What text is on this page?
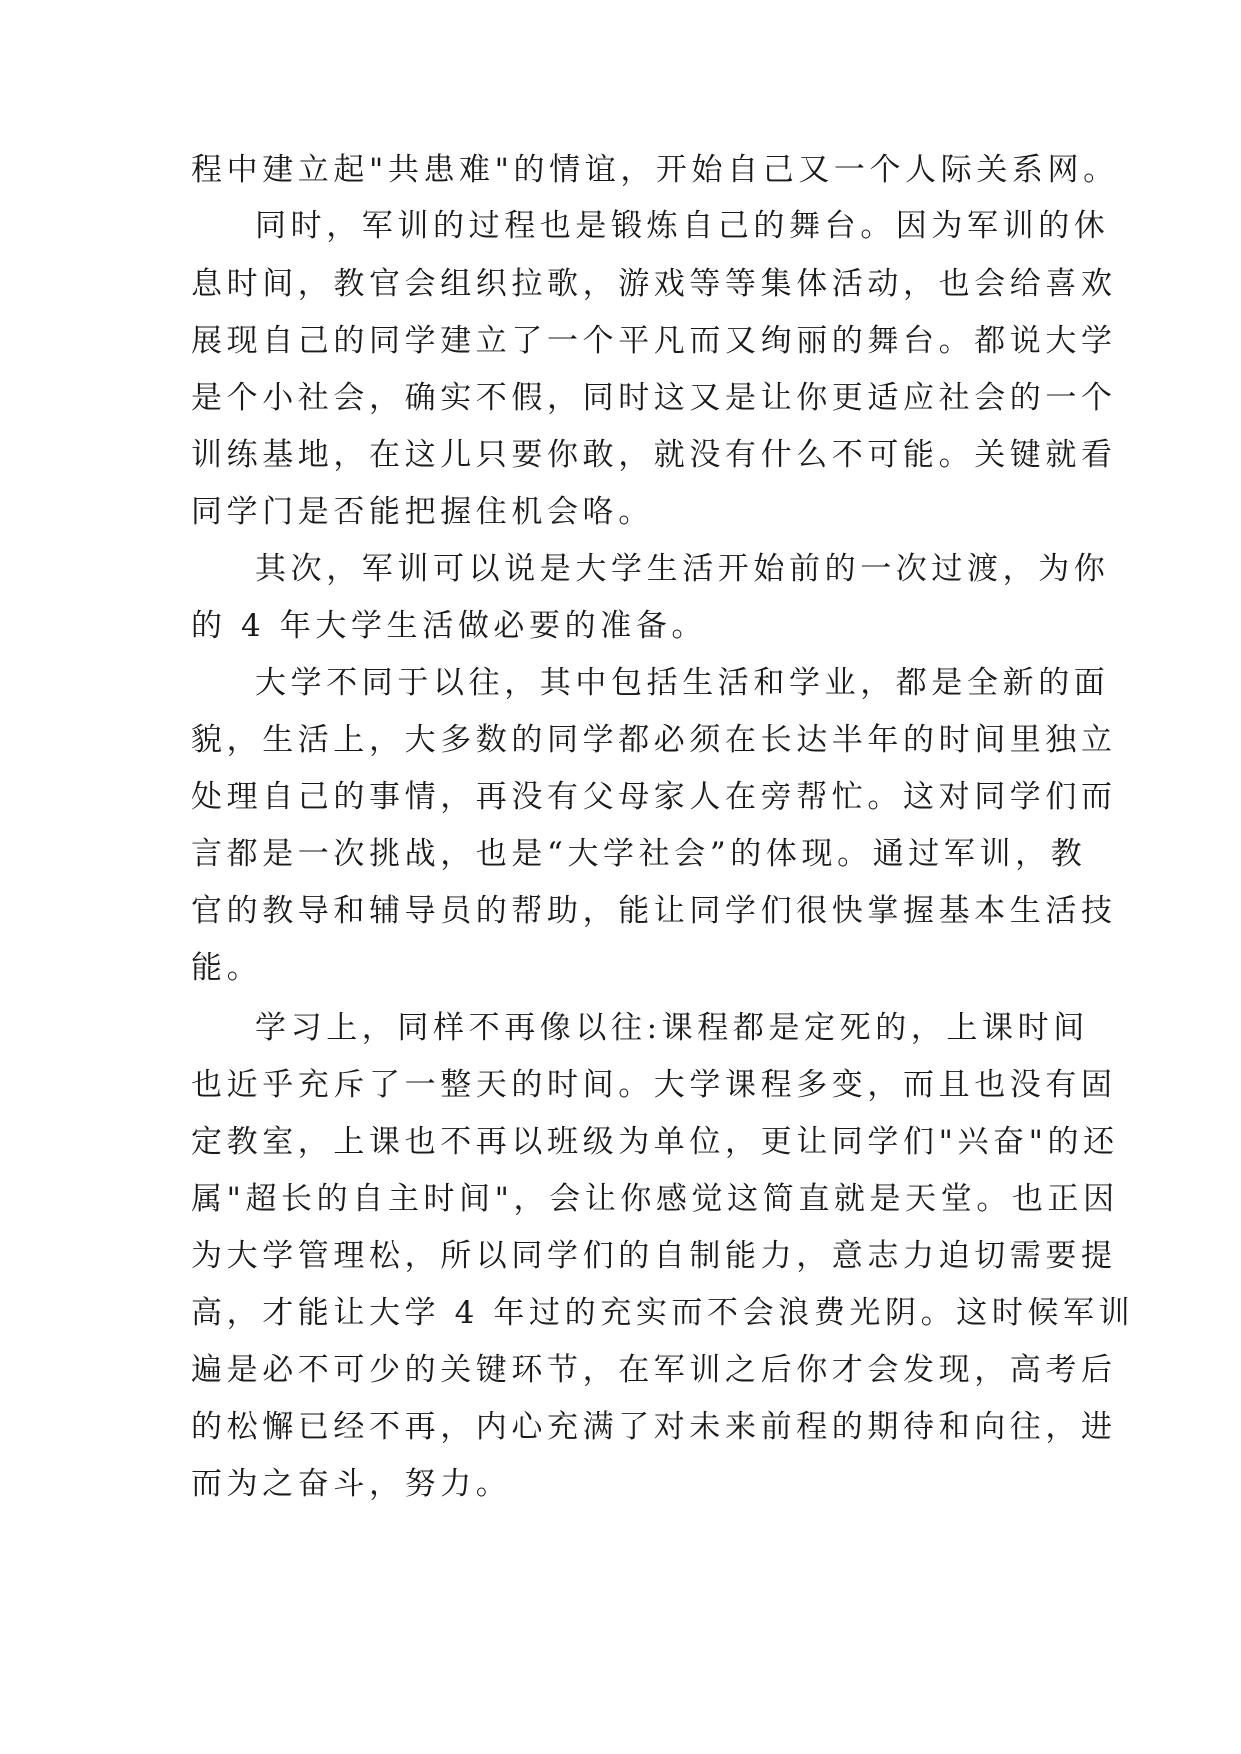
程中建立起"共患难"的情谊，开始自己又一个人际关系网。
同时，军训的过程也是锻炼自己的舞台。因为军训的休
息时间，教官会组织拉歌，游戏等等集体活动，也会给喜欢
展现自己的同学建立了一个平凡而又绚丽的舞台。都说大学
是个小社会，确实不假，同时这又是让你更适应社会的一个
训练基地，在这儿只要你敢，就没有什么不可能。关键就看
同学门是否能把握住机会咯。
其次，军训可以说是大学生活开始前的一次过渡，为你
的 4 年大学生活做必要的准备。
大学不同于以往，其中包括生活和学业，都是全新的面
貌，生活上，大多数的同学都必须在长达半年的时间里独立
处理自己的事情，再没有父母家人在旁帮忙。这对同学们而
言都是一次挑战，也是“大学社会”的体现。通过军训，教
官的教导和辅导员的帮助，能让同学们很快掌握基本生活技
能。
学习上，同样不再像以往:课程都是定死的，上课时间
也近乎充斥了一整天的时间。大学课程多变，而且也没有固
定教室，上课也不再以班级为单位，更让同学们"兴奋"的还
属"超长的自主时间"，会让你感觉这简直就是天堂。也正因
为大学管理松，所以同学们的自制能力，意志力迫切需要提
高，才能让大学 4 年过的充实而不会浪费光阴。这时候军训
遍是必不可少的关键环节，在军训之后你才会发现，高考后
的松懈已经不再，内心充满了对未来前程的期待和向往，进
而为之奋斗，努力。
